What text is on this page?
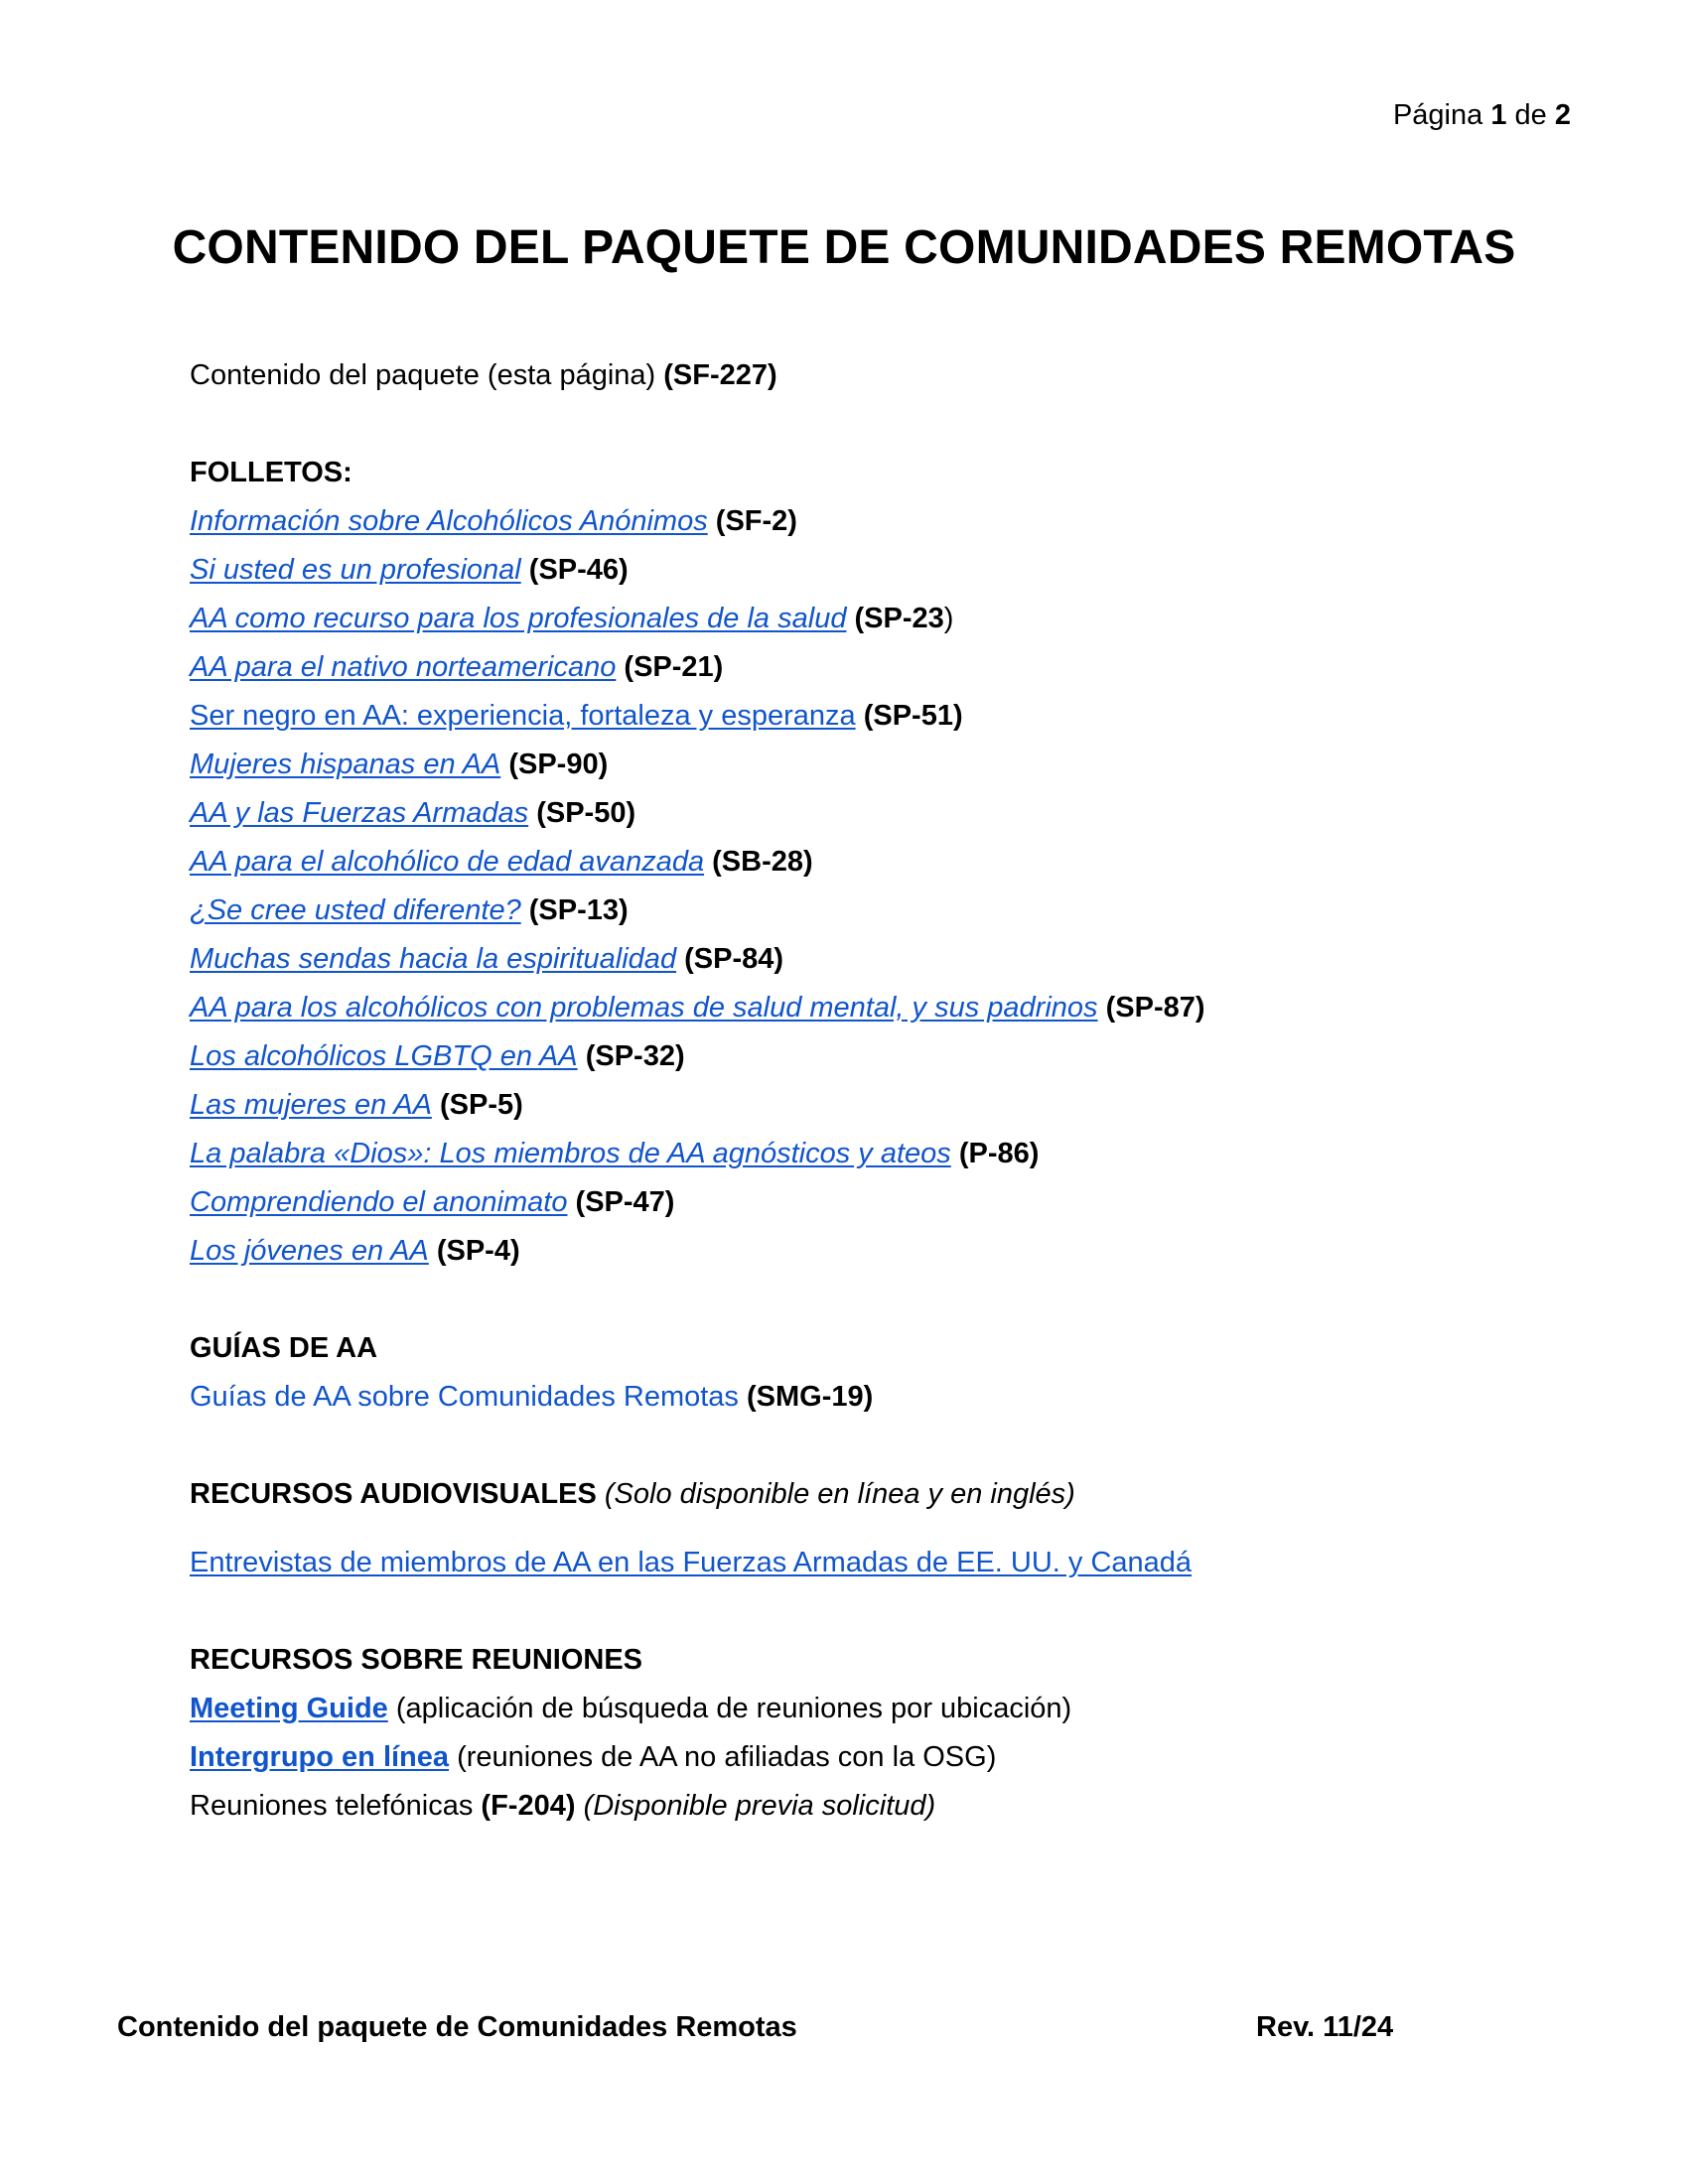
Página 1 de 2
CONTENIDO DEL PAQUETE DE COMUNIDADES REMOTAS
Contenido del paquete (esta página) (SF-227)
FOLLETOS:
Información sobre Alcohólicos Anónimos (SF-2)
Si usted es un profesional (SP-46)
AA como recurso para los profesionales de la salud (SP-23)
AA para el nativo norteamericano (SP-21)
Ser negro en AA: experiencia, fortaleza y esperanza (SP-51)
Mujeres hispanas en AA (SP-90)
AA y las Fuerzas Armadas (SP-50)
AA para el alcohólico de edad avanzada (SB-28)
¿Se cree usted diferente? (SP-13)
Muchas sendas hacia la espiritualidad (SP-84)
AA para los alcohólicos con problemas de salud mental, y sus padrinos (SP-87)
Los alcohólicos LGBTQ en AA (SP-32)
Las mujeres en AA (SP-5)
La palabra «Dios»: Los miembros de AA agnósticos y ateos (P-86)
Comprendiendo el anonimato (SP-47)
Los jóvenes en AA (SP-4)
GUÍAS DE AA
Guías de AA sobre Comunidades Remotas (SMG-19)
RECURSOS AUDIOVISUALES (Solo disponible en línea y en inglés)
Entrevistas de miembros de AA en las Fuerzas Armadas de EE. UU. y Canadá
RECURSOS SOBRE REUNIONES
Meeting Guide (aplicación de búsqueda de reuniones por ubicación)
Intergrupo en línea (reuniones de AA no afiliadas con la OSG)
Reuniones telefónicas (F-204) (Disponible previa solicitud)
Contenido del paquete de Comunidades Remotas	Rev. 11/24
